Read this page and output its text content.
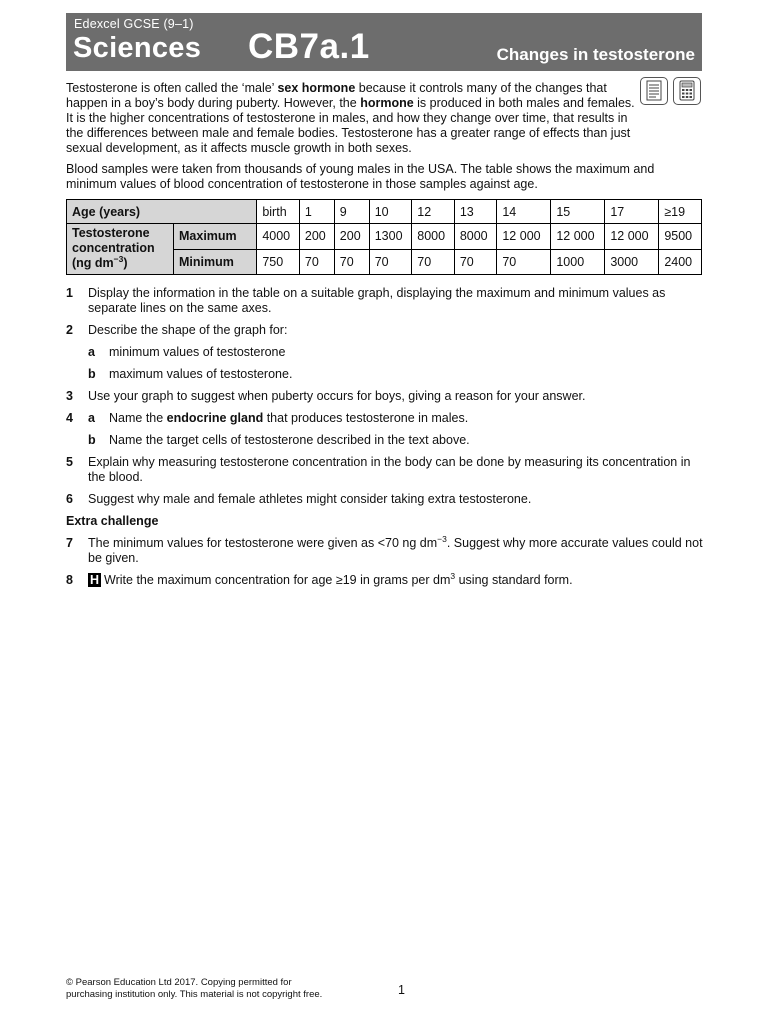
Edexcel GCSE (9–1)
Sciences CB7a.1	Changes in testosterone

Testosterone is often called the ‘male’ sex hormone because it controls many of the changes that happen in a boy’s body during puberty. However, the hormone is produced in both males and females. It is the higher concentrations of testosterone in males, and how they change over time, that results in the differences between male and female bodies. Testosterone has a greater range of effects than just sexual development, as it affects muscle growth in both sexes.

Blood samples were taken from thousands of young males in the USA. The table shows the maximum and minimum values of blood concentration of testosterone in those samples against age.

Age (years)		birth	1	9	10	12	13	14	15	17	≥19
Testosterone
concentration
(ng $dm^{-3}$)	Maximum	4000	200	200	1300	8000	8000	12 000	12 000	12 000	9500
	Minimum	750	70	70	70	70	70	70	1000	3000	2400
1 Display the information in the table on a suitable graph, displaying the maximum and minimum values as separate lines on the same axes.
2 Describe the shape of the graph for:
a minimum values of testosterone
b maximum values of testosterone.
3 Use your graph to suggest when puberty occurs for boys, giving a reason for your answer.
4 a Name the endocrine gland that produces testosterone in males.
b Name the target cells of testosterone described in the text above.
5 Explain why measuring testosterone concentration in the body can be done by measuring its concentration in the blood.
6 Suggest why male and female athletes might consider taking extra testosterone.
Extra challenge
7 The minimum values for testosterone were given as <70 ng $dm^{-3}$. Suggest why more accurate values could not be given.
8 H Write the maximum concentration for age ≥19 in grams per $dm^3$ using standard form.
© Pearson Education Ltd 2017. Copying permitted for
purchasing institution only. This material is not copyright free.	1
